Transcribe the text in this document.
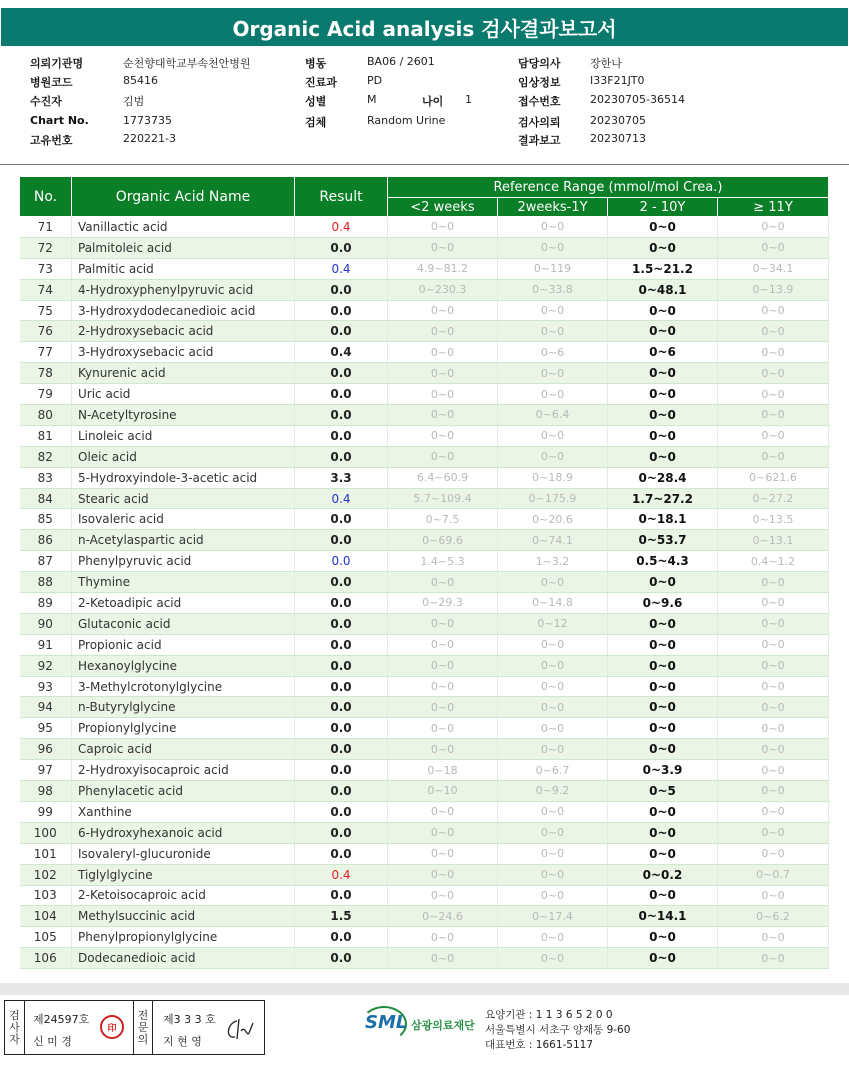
Organic Acid analysis 검사결과보고서
의뢰기관명	순천향대학교부속천안병원	병동	BA06 / 2601	담당의사	장한나
병원코드	85416	진료과	PD	임상정보	I33F21JT0
수진자	김범	성별	M	나이 1	접수번호	20230705-36514
Chart No.	1773735	검체	Random Urine	검사의뢰	20230705
고유번호	220221-3	결과보고	20230713
No.	Organic Acid Name	Result	Reference Range (mmol/mol Crea.)			
			<2 weeks	2weeks-1Y	2 - 10Y	≥ 11Y
71	Vanillactic acid	0.4	0~0	0~0	0~0	0~0
72	Palmitoleic acid	0.0	0~0	0~0	0~0	0~0
73	Palmitic acid	0.4	4.9~81.2	0~119	1.5~21.2	0~34.1
74	4-Hydroxyphenylpyruvic acid	0.0	0~230.3	0~33.8	0~48.1	0~13.9
75	3-Hydroxydodecanedioic acid	0.0	0~0	0~0	0~0	0~0
76	2-Hydroxysebacic acid	0.0	0~0	0~0	0~0	0~0
77	3-Hydroxysebacic acid	0.4	0~0	0~6	0~6	0~0
78	Kynurenic acid	0.0	0~0	0~0	0~0	0~0
79	Uric acid	0.0	0~0	0~0	0~0	0~0
80	N-Acetyltyrosine	0.0	0~0	0~6.4	0~0	0~0
81	Linoleic acid	0.0	0~0	0~0	0~0	0~0
82	Oleic acid	0.0	0~0	0~0	0~0	0~0
83	5-Hydroxyindole-3-acetic acid	3.3	6.4~60.9	0~18.9	0~28.4	0~621.6
84	Stearic acid	0.4	5.7~109.4	0~175.9	1.7~27.2	0~27.2
85	Isovaleric acid	0.0	0~7.5	0~20.6	0~18.1	0~13.5
86	n-Acetylaspartic acid	0.0	0~69.6	0~74.1	0~53.7	0~13.1
87	Phenylpyruvic acid	0.0	1.4~5.3	1~3.2	0.5~4.3	0.4~1.2
88	Thymine	0.0	0~0	0~0	0~0	0~0
89	2-Ketoadipic acid	0.0	0~29.3	0~14.8	0~9.6	0~0
90	Glutaconic acid	0.0	0~0	0~12	0~0	0~0
91	Propionic acid	0.0	0~0	0~0	0~0	0~0
92	Hexanoylglycine	0.0	0~0	0~0	0~0	0~0
93	3-Methylcrotonylglycine	0.0	0~0	0~0	0~0	0~0
94	n-Butyrylglycine	0.0	0~0	0~0	0~0	0~0
95	Propionylglycine	0.0	0~0	0~0	0~0	0~0
96	Caproic acid	0.0	0~0	0~0	0~0	0~0
97	2-Hydroxyisocaproic acid	0.0	0~18	0~6.7	0~3.9	0~0
98	Phenylacetic acid	0.0	0~10	0~9.2	0~5	0~0
99	Xanthine	0.0	0~0	0~0	0~0	0~0
100	6-Hydroxyhexanoic acid	0.0	0~0	0~0	0~0	0~0
101	Isovaleryl-glucuronide	0.0	0~0	0~0	0~0	0~0
102	Tiglylglycine	0.4	0~0	0~0	0~0.2	0~0.7
103	2-Ketoisocaproic acid	0.0	0~0	0~0	0~0	0~0
104	Methylsuccinic acid	1.5	0~24.6	0~17.4	0~14.1	0~6.2
105	Phenylpropionylglycine	0.0	0~0	0~0	0~0	0~0
106	Dodecanedioic acid	0.0	0~0	0~0	0~0	0~0
검사자
제24597호
신 미 경
印
전문의
제3 3 3 호
지 현 영
SML 삼광의료재단
요양기관 : 1 1 3 6 5 2 0 0
서울특별시 서초구 양재동 9-60
대표번호 : 1661-5117
